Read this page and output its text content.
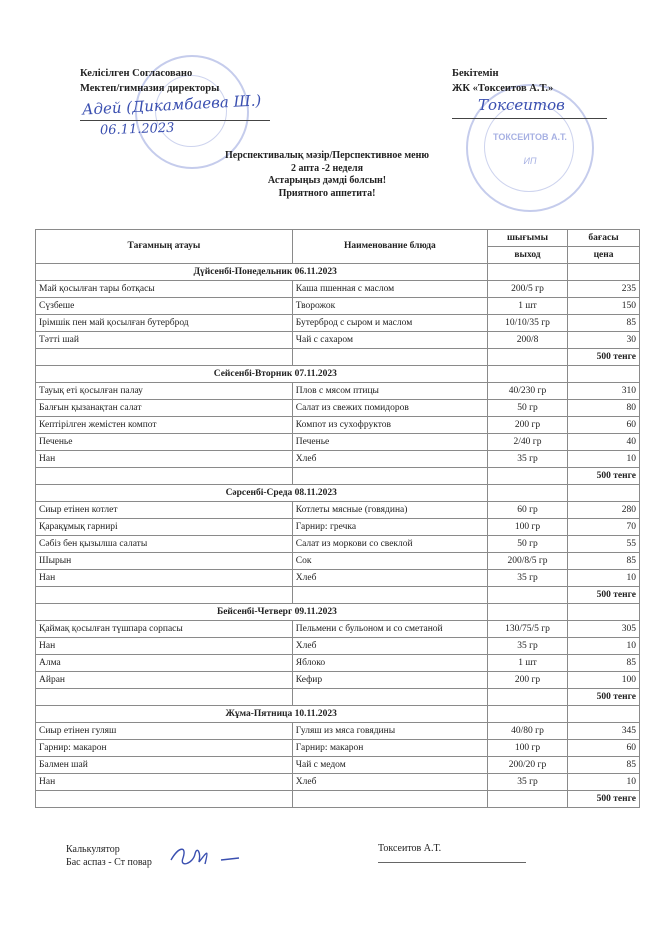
ТОКСЕИТОВ А.Т.
ИП
Келісілген Согласовано
Мектеп/гимназия директоры
Адей (Дикамбаева Ш.)
06.11.2023
Бекітемін
ЖК «Токсеитов А.Т.»
Токсеитов
Перспективалық мәзір/Перспективное меню
2 апта -2 неделя
Астарыңыз дәмді болсын!
Приятного аппетита!
Тағамның атауы	Наименование блюда	шығымы	бағасы
		выход	цена
Дүйсенбі-Понедельник	06.11.2023		
Май қосылған тары ботқасы	Каша пшенная с маслом	200/5 гр	235
Сүзбеше	Творожок	1 шт	150
Ірімшік пен май қосылған бутерброд	Бутерброд с сыром и маслом	10/10/35 гр	85
Тәтті шай	Чай с сахаром	200/8	30
			500 тенге
Сейсенбі-Вторник	07.11.2023		
Тауық еті қосылған палау	Плов с мясом птицы	40/230 гр	310
Балғын қызанақтан салат	Салат из свежих помидоров	50 гр	80
Кептірілген жемістен компот	Компот из сухофруктов	200 гр	60
Печенье	Печенье	2/40 гр	40
Нан	Хлеб	35 гр	10
			500 тенге
Сәрсенбі-Среда	08.11.2023		
Сиыр етінен котлет	Котлеты мясные (говядина)	60 гр	280
Қарақұмық гарнирі	Гарнир: гречка	100 гр	70
Сәбіз бен қызылша салаты	Салат из моркови со свеклой	50 гр	55
Шырын	Сок	200/8/5 гр	85
Нан	Хлеб	35 гр	10
			500 тенге
Бейсенбі-Четверг	09.11.2023		
Қаймақ қосылған түшпара сорпасы	Пельмени с бульоном и со сметаной	130/75/5 гр	305
Нан	Хлеб	35 гр	10
Алма	Яблоко	1 шт	85
Айран	Кефир	200 гр	100
			500 тенге
Жұма-Пятница	10.11.2023		
Сиыр етінен гуляш	Гуляш из мяса говядины	40/80 гр	345
Гарнир: макарон	Гарнир: макарон	100 гр	60
Балмен шай	Чай с медом	200/20 гр	85
Нан	Хлеб	35 гр	10
			500 тенге
Калькулятор
Бас аспаз - Ст повар
Токсеитов А.Т.
